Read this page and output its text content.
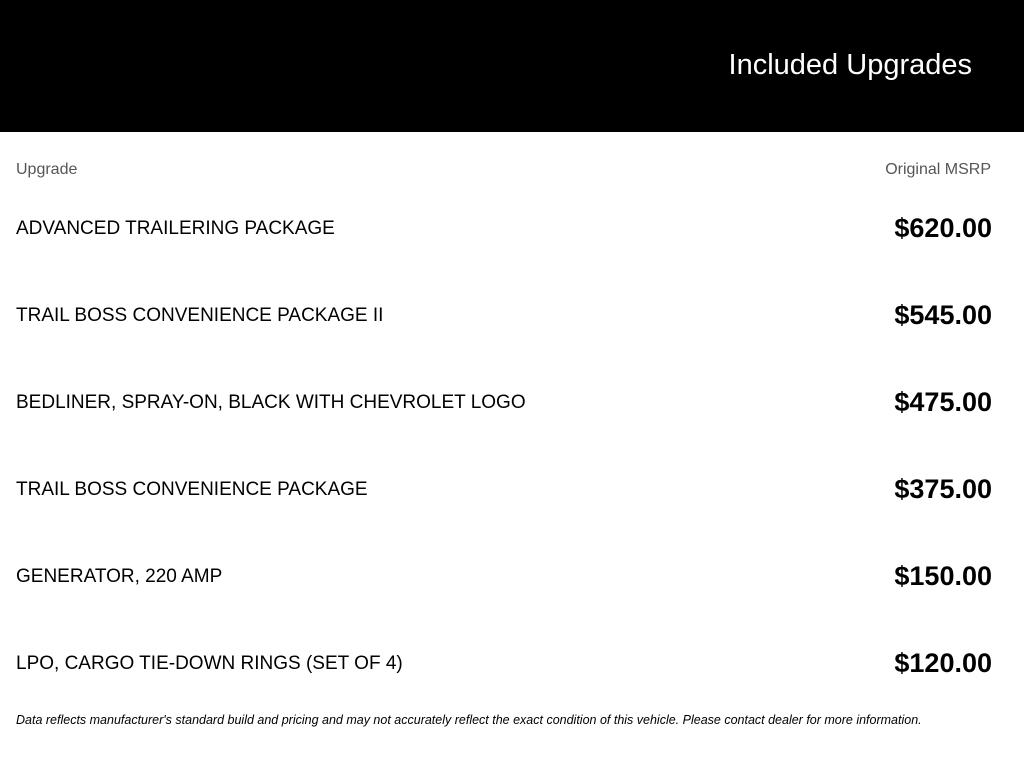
Included Upgrades
Upgrade	Original MSRP
ADVANCED TRAILERING PACKAGE	$620.00
TRAIL BOSS CONVENIENCE PACKAGE II	$545.00
BEDLINER, SPRAY-ON, BLACK WITH CHEVROLET LOGO	$475.00
TRAIL BOSS CONVENIENCE PACKAGE	$375.00
GENERATOR, 220 AMP	$150.00
LPO, CARGO TIE-DOWN RINGS (SET OF 4)	$120.00
Data reflects manufacturer's standard build and pricing and may not accurately reflect the exact condition of this vehicle. Please contact dealer for more information.
